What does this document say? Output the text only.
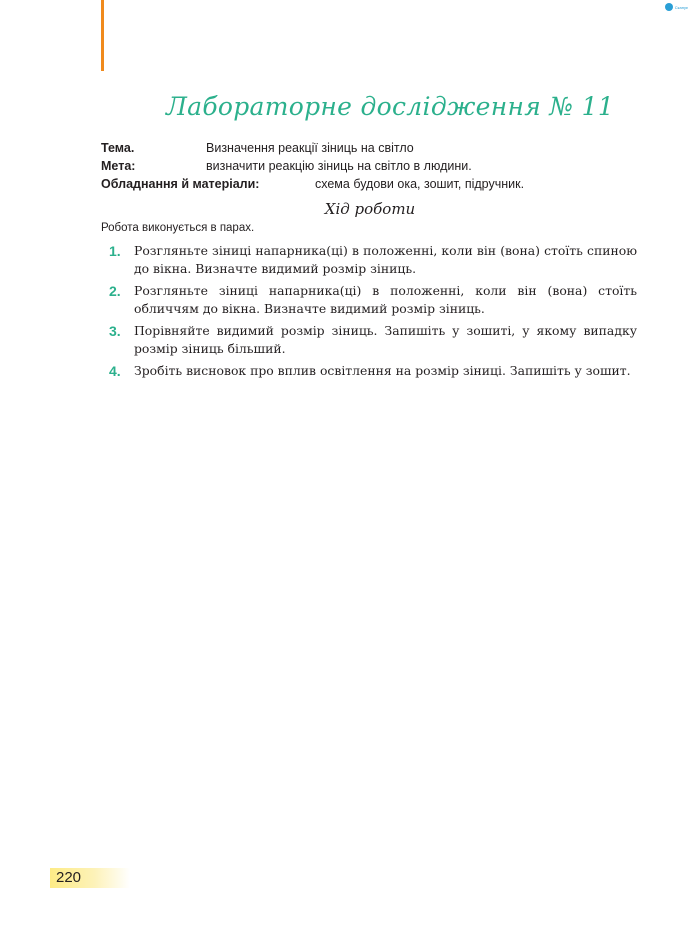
Сканує
Лабораторне дослідження № 11
Тема.	Визначення реакції зіниць на світло
Мета:	визначити реакцію зіниць на світло в людини.
Обладнання й матеріали:	схема будови ока, зошит, підручник.
Хід роботи
Робота виконується в парах.
1. Розгляньте зіниці напарника(ці) в положенні, коли він (вона) стоїть спиною до вікна. Визначте видимий розмір зіниць.
2. Розгляньте зіниці напарника(ці) в положенні, коли він (вона) стоїть обличчям до вікна. Визначте видимий розмір зіниць.
3. Порівняйте видимий розмір зіниць. Запишіть у зошиті, у якому випадку розмір зіниць більший.
4. Зробіть висновок про вплив освітлення на розмір зіниці. Запишіть у зошит.
220
